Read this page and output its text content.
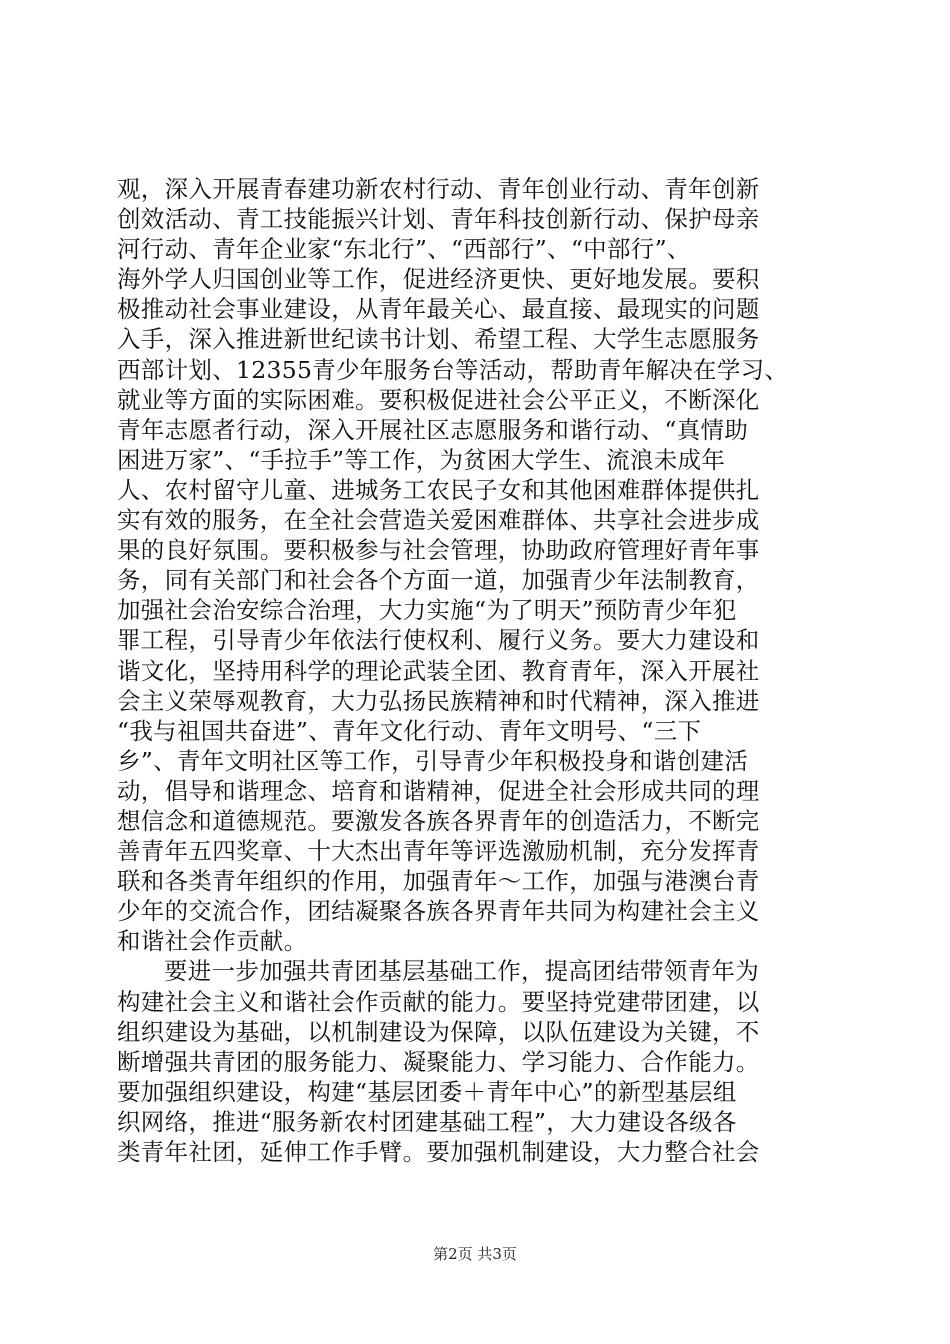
观，深入开展青春建功新农村行动、青年创业行动、青年创新
创效活动、青工技能振兴计划、青年科技创新行动、保护母亲
河行动、青年企业家“东北行”、“西部行”、“中部行”、
海外学人归国创业等工作，促进经济更快、更好地发展。要积
极推动社会事业建设，从青年最关心、最直接、最现实的问题
入手，深入推进新世纪读书计划、希望工程、大学生志愿服务
西部计划、12355青少年服务台等活动，帮助青年解决在学习、
就业等方面的实际困难。要积极促进社会公平正义，不断深化
青年志愿者行动，深入开展社区志愿服务和谐行动、“真情助
困进万家”、“手拉手”等工作，为贫困大学生、流浪未成年
人、农村留守儿童、进城务工农民子女和其他困难群体提供扎
实有效的服务，在全社会营造关爱困难群体、共享社会进步成
果的良好氛围。要积极参与社会管理，协助政府管理好青年事
务，同有关部门和社会各个方面一道，加强青少年法制教育，
加强社会治安综合治理，大力实施“为了明天”预防青少年犯
罪工程，引导青少年依法行使权利、履行义务。要大力建设和
谐文化，坚持用科学的理论武装全团、教育青年，深入开展社
会主义荣辱观教育，大力弘扬民族精神和时代精神，深入推进
“我与祖国共奋进”、青年文化行动、青年文明号、“三下
乡”、青年文明社区等工作，引导青少年积极投身和谐创建活
动，倡导和谐理念、培育和谐精神，促进全社会形成共同的理
想信念和道德规范。要激发各族各界青年的创造活力，不断完
善青年五四奖章、十大杰出青年等评选激励机制，充分发挥青
联和各类青年组织的作用，加强青年～工作，加强与港澳台青
少年的交流合作，团结凝聚各族各界青年共同为构建社会主义
和谐社会作贡献。
要进一步加强共青团基层基础工作，提高团结带领青年为
构建社会主义和谐社会作贡献的能力。要坚持党建带团建，以
组织建设为基础，以机制建设为保障，以队伍建设为关键，不
断增强共青团的服务能力、凝聚能力、学习能力、合作能力。
要加强组织建设，构建“基层团委＋青年中心”的新型基层组
织网络，推进“服务新农村团建基础工程”，大力建设各级各
类青年社团，延伸工作手臂。要加强机制建设，大力整合社会
第2页 共3页
